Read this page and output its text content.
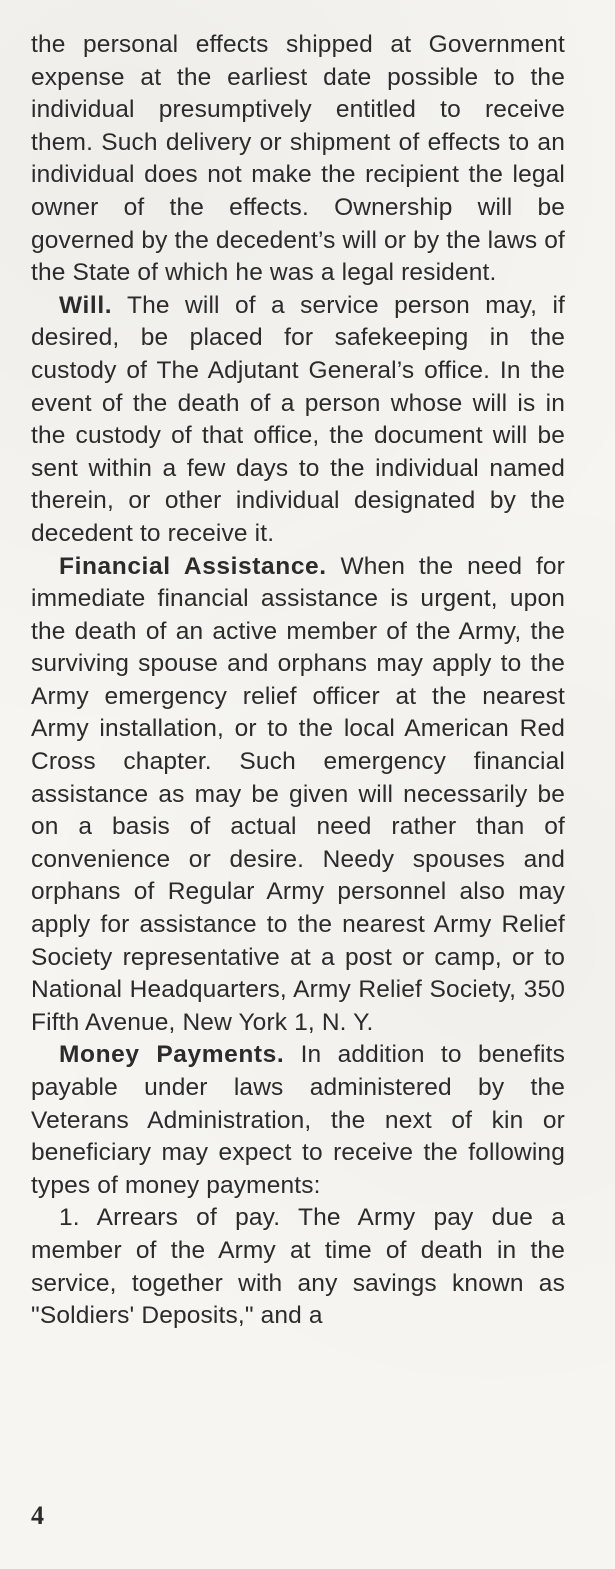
the personal effects shipped at Government expense at the earliest date possible to the individual presumptively entitled to receive them. Such delivery or shipment of effects to an individual does not make the recipient the legal owner of the effects. Ownership will be governed by the decedent’s will or by the laws of the State of which he was a legal resident.

Will. The will of a service person may, if desired, be placed for safekeeping in the custody of The Adjutant General’s office. In the event of the death of a person whose will is in the custody of that office, the document will be sent within a few days to the individual named therein, or other individual designated by the decedent to receive it.

Financial Assistance. When the need for immediate financial assistance is urgent, upon the death of an active member of the Army, the surviving spouse and orphans may apply to the Army emergency relief officer at the nearest Army installation, or to the local American Red Cross chapter. Such emergency financial assistance as may be given will necessarily be on a basis of actual need rather than of convenience or desire. Needy spouses and orphans of Regular Army personnel also may apply for assistance to the nearest Army Relief Society representative at a post or camp, or to National Headquarters, Army Relief Society, 350 Fifth Avenue, New York 1, N. Y.

Money Payments. In addition to benefits payable under laws administered by the Veterans Administration, the next of kin or beneficiary may expect to receive the following types of money payments:

1. Arrears of pay. The Army pay due a member of the Army at time of death in the service, together with any savings known as "Soldiers' Deposits," and a

4
